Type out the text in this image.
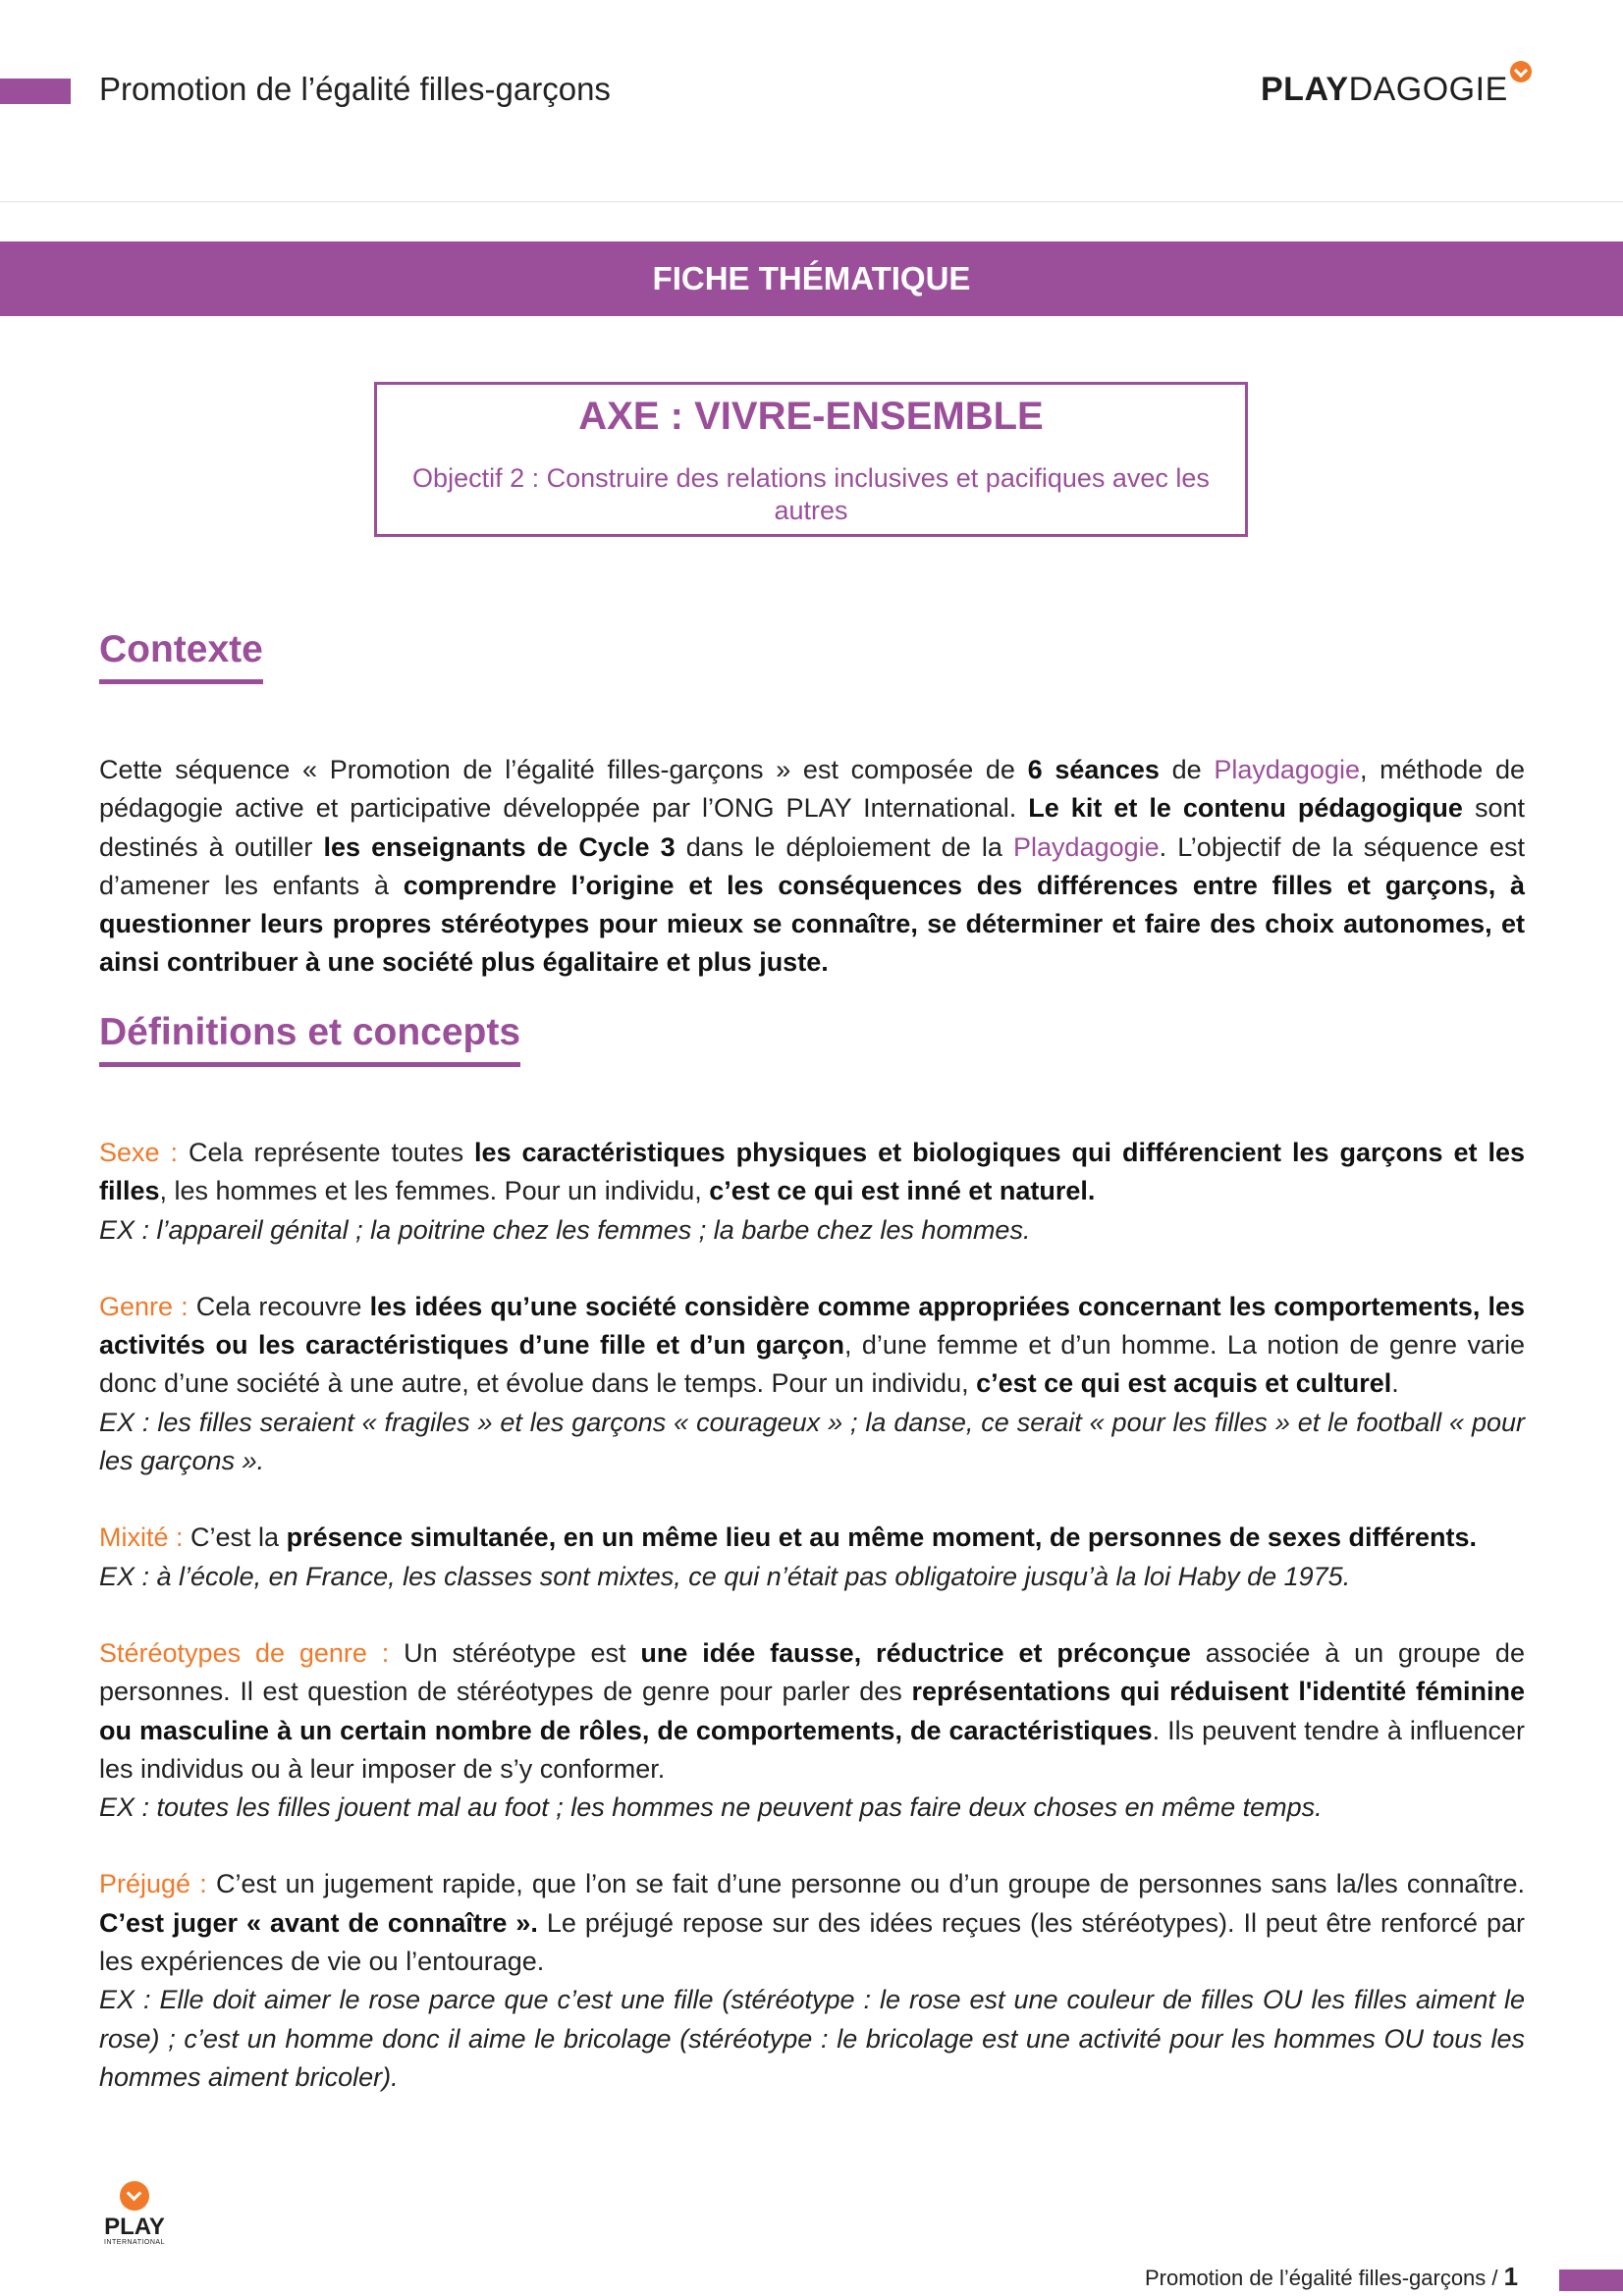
Promotion de l’égalité filles-garçons	PLAYDAGOGIE
FICHE THÉMATIQUE
AXE : VIVRE-ENSEMBLE
Objectif 2 : Construire des relations inclusives et pacifiques avec les autres
Contexte
Cette séquence « Promotion de l’égalité filles-garçons » est composée de 6 séances de Playdagogie, méthode de pédagogie active et participative développée par l’ONG PLAY International. Le kit et le contenu pédagogique sont destinés à outiller les enseignants de Cycle 3 dans le déploiement de la Playdagogie. L’objectif de la séquence est d’amener les enfants à comprendre l’origine et les conséquences des différences entre filles et garçons, à questionner leurs propres stéréotypes pour mieux se connaître, se déterminer et faire des choix autonomes, et ainsi contribuer à une société plus égalitaire et plus juste.
Définitions et concepts
Sexe : Cela représente toutes les caractéristiques physiques et biologiques qui différencient les garçons et les filles, les hommes et les femmes. Pour un individu, c’est ce qui est inné et naturel.
EX : l’appareil génital ; la poitrine chez les femmes ; la barbe chez les hommes.
Genre : Cela recouvre les idées qu’une société considère comme appropriées concernant les comportements, les activités ou les caractéristiques d’une fille et d’un garçon, d’une femme et d’un homme. La notion de genre varie donc d’une société à une autre, et évolue dans le temps. Pour un individu, c’est ce qui est acquis et culturel.
EX : les filles seraient « fragiles » et les garçons « courageux » ; la danse, ce serait « pour les filles » et le football « pour les garçons ».
Mixité : C’est la présence simultanée, en un même lieu et au même moment, de personnes de sexes différents.
EX : à l’école, en France, les classes sont mixtes, ce qui n’était pas obligatoire jusqu’à la loi Haby de 1975.
Stéréotypes de genre : Un stéréotype est une idée fausse, réductrice et préconçue associée à un groupe de personnes. Il est question de stéréotypes de genre pour parler des représentations qui réduisent l'identité féminine ou masculine à un certain nombre de rôles, de comportements, de caractéristiques. Ils peuvent tendre à influencer les individus ou à leur imposer de s’y conformer.
EX : toutes les filles jouent mal au foot ; les hommes ne peuvent pas faire deux choses en même temps.
Préjugé : C’est un jugement rapide, que l’on se fait d’une personne ou d’un groupe de personnes sans la/les connaître. C’est juger « avant de connaître ». Le préjugé repose sur des idées reçues (les stéréotypes). Il peut être renforcé par les expériences de vie ou l’entourage.
EX : Elle doit aimer le rose parce que c’est une fille (stéréotype : le rose est une couleur de filles OU les filles aiment le rose) ; c’est un homme donc il aime le bricolage (stéréotype : le bricolage est une activité pour les hommes OU tous les hommes aiment bricoler).
PLAY
INTERNATIONAL
Promotion de l’égalité filles-garçons / 1
